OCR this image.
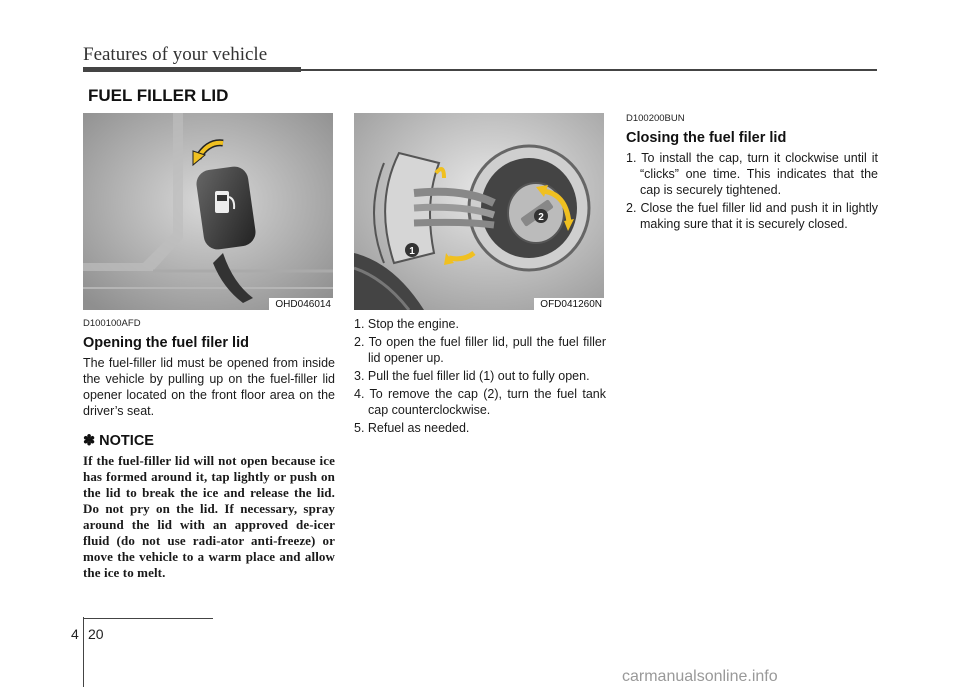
Features of your vehicle
FUEL FILLER LID
OHD046014
D100100AFD
Opening the fuel filer lid

The fuel-filler lid must be opened from inside the vehicle by pulling up on the fuel-filler lid opener located on the front floor area on the driver’s seat.

✽ NOTICE

If the fuel-filler lid will not open because ice has formed around it, tap lightly or push on the lid to break the ice and release the lid. Do not pry on the lid. If necessary, spray around the lid with an approved de-icer fluid (do not use radi-ator anti-freeze) or move the vehicle to a warm place and allow the ice to melt.

1
2
OFD041260N
1. Stop the engine.
2. To open the fuel filler lid, pull the fuel filler lid opener up.
3. Pull the fuel filler lid (1) out to fully open.
4. To remove the cap (2), turn the fuel tank cap counterclockwise.
5. Refuel as needed.
D100200BUN
Closing the fuel filer lid
1. To install the cap, turn it clockwise until it “clicks” one time. This indicates that the cap is securely tightened.
2. Close the fuel filler lid and push it in lightly making sure that it is securely closed.
4 20
carmanualsonline.info
